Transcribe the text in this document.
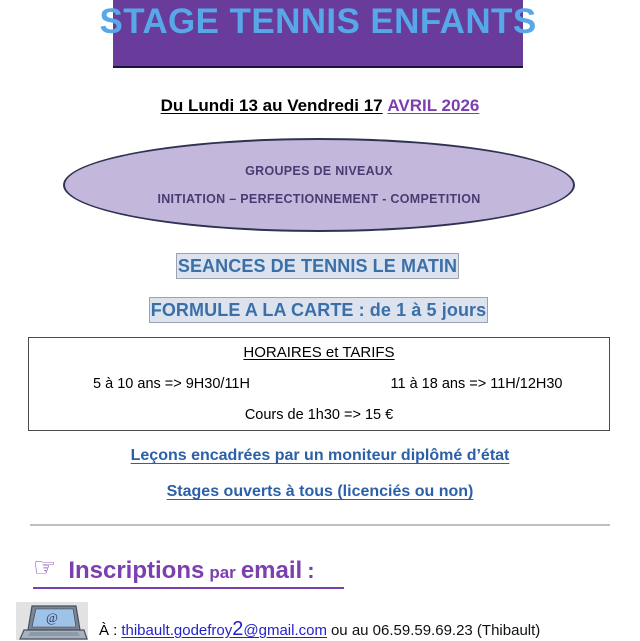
STAGE TENNIS ENFANTS
Du Lundi 13 au Vendredi 17 AVRIL 2026
GROUPES DE NIVEAUX
INITIATION – PERFECTIONNEMENT - COMPETITION
SEANCES DE TENNIS LE MATIN
FORMULE A LA CARTE : de 1 à 5 jours
HORAIRES et TARIFS
5 à 10 ans => 9H30/11H	11 à 18 ans => 11H/12H30
Cours de 1h30 => 15 €
Leçons encadrées par un moniteur diplômé d’état
Stages ouverts à tous (licenciés ou non)
☞ Inscriptions par email :
@
À : thibault.godefroy2@gmail.com ou au 06.59.59.69.23 (Thibault)
